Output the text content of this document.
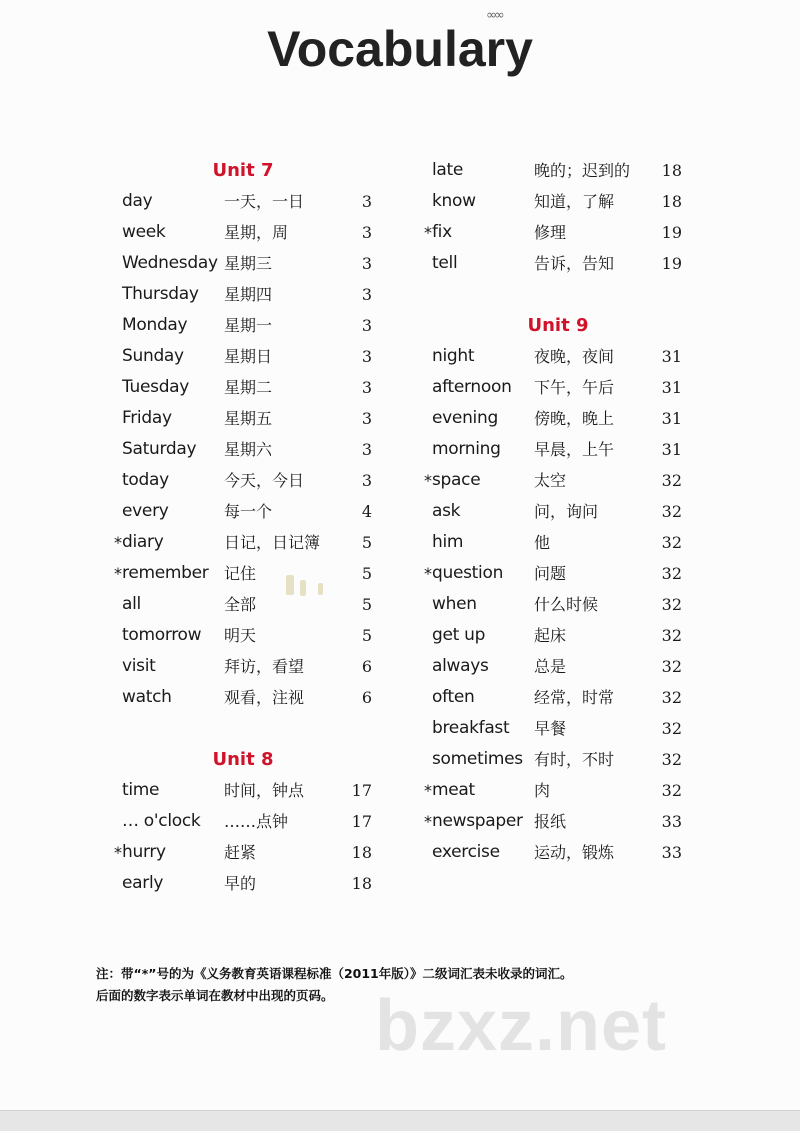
∞∞
Vocabulary
Unit 7
day	一天，一日	3
week	星期，周	3
Wednesday 星期三	3
Thursday 星期四	3
Monday 星期一	3
Sunday	星期日	3
Tuesday 星期二	3
Friday	星期五	3
Saturday 星期六	3
today	今天，今日	3
every	每一个	4
* diary	日记，日记簿	5
* remember 记住	5
all	全部	5
tomorrow 明天	5
visit	拜访，看望	6
watch	观看，注视	6
Unit 8
time	时间，钟点	17
… o'clock ……点钟	17
* hurry	赶紧	18
early	早的	18
late	晚的；迟到的	18
know	知道，了解	18
* fix	修理	19
tell	告诉，告知	19
Unit 9
night	夜晚，夜间	31
afternoon 下午，午后	31
evening 傍晚，晚上	31
morning 早晨，上午	31
* space	太空	32
ask	问，询问	32
him	他	32
* question 问题	32
when	什么时候	32
get up	起床	32
always	总是	32
often	经常，时常	32
breakfast 早餐	32
sometimes 有时，不时	32
* meat	肉	32
* newspaper 报纸	33
exercise 运动，锻炼	33
注：带“*”号的为《义务教育英语课程标准（2011年版）》二级词汇表未收录的词汇。
后面的数字表示单词在教材中出现的页码。 bzxz.net
